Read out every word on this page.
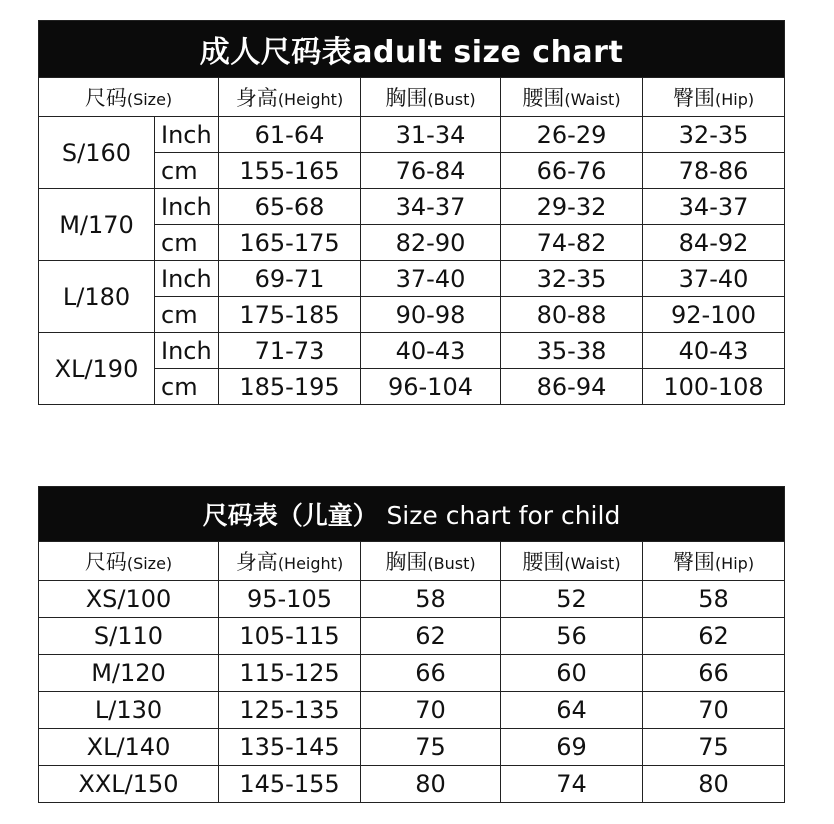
成人尺码表adult size chart					
尺码(Size)		身高(Height)	胸围(Bust)	腰围(Waist)	臀围(Hip)
S/160	Inch	61-64	31-34	26-29	32-35
	cm	155-165	76-84	66-76	78-86
M/170	Inch	65-68	34-37	29-32	34-37
	cm	165-175	82-90	74-82	84-92
L/180	Inch	69-71	37-40	32-35	37-40
	cm	175-185	90-98	80-88	92-100
XL/190	Inch	71-73	40-43	35-38	40-43
	cm	185-195	96-104	86-94	100-108
尺码表（儿童） Size chart for child				
尺码(Size)	身高(Height)	胸围(Bust)	腰围(Waist)	臀围(Hip)
XS/100	95-105	58	52	58
S/110	105-115	62	56	62
M/120	115-125	66	60	66
L/130	125-135	70	64	70
XL/140	135-145	75	69	75
XXL/150	145-155	80	74	80
